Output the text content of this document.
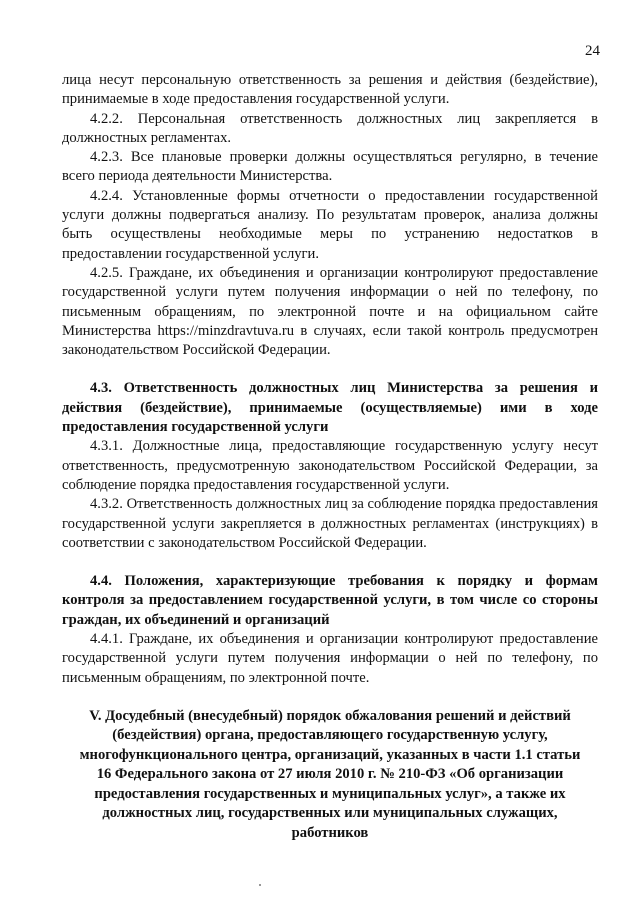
24

лица несут персональную ответственность за решения и действия (бездействие), принимаемые в ходе предоставления государственной услуги.

4.2.2. Персональная ответственность должностных лиц закрепляется в должностных регламентах.

4.2.3. Все плановые проверки должны осуществляться регулярно, в течение всего периода деятельности Министерства.

4.2.4. Установленные формы отчетности о предоставлении государственной услуги должны подвергаться анализу. По результатам проверок, анализа должны быть осуществлены необходимые меры по устранению недостатков в предоставлении государственной услуги.

4.2.5. Граждане, их объединения и организации контролируют предоставление государственной услуги путем получения информации о ней по телефону, по письменным обращениям, по электронной почте и на официальном сайте Министерства https://minzdravtuva.ru в случаях, если такой контроль предусмотрен законодательством Российской Федерации.

4.3. Ответственность должностных лиц Министерства за решения и действия (бездействие), принимаемые (осуществляемые) ими в ходе предоставления государственной услуги

4.3.1. Должностные лица, предоставляющие государственную услугу несут ответственность, предусмотренную законодательством Российской Федерации, за соблюдение порядка предоставления государственной услуги.

4.3.2. Ответственность должностных лиц за соблюдение порядка предоставления государственной услуги закрепляется в должностных регламентах (инструкциях) в соответствии с законодательством Российской Федерации.

4.4. Положения, характеризующие требования к порядку и формам контроля за предоставлением государственной услуги, в том числе со стороны граждан, их объединений и организаций

4.4.1. Граждане, их объединения и организации контролируют предоставление государственной услуги путем получения информации о ней по телефону, по письменным обращениям, по электронной почте.

V. Досудебный (внесудебный) порядок обжалования решений и действий (бездействия) органа, предоставляющего государственную услугу, многофункционального центра, организаций, указанных в части 1.1 статьи 16 Федерального закона от 27 июля 2010 г. № 210-ФЗ «Об организации предоставления государственных и муниципальных услуг», а также их должностных лиц, государственных или муниципальных служащих, работников
